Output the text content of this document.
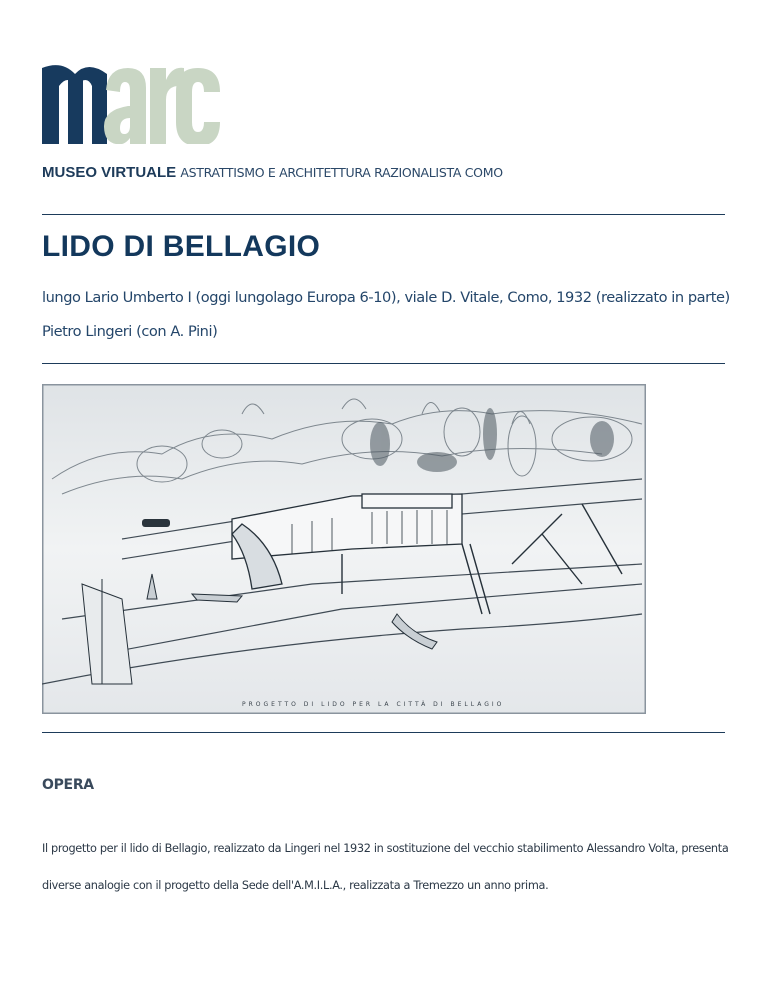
MUSEO VIRTUALE ASTRATTISMO E ARCHITETTURA RAZIONALISTA COMO
LIDO DI BELLAGIO

lungo Lario Umberto I (oggi lungolago Europa 6-10), viale D. Vitale, Como, 1932 (realizzato in parte)

Pietro Lingeri (con A. Pini)

PROGETTO DI LIDO PER LA CITTÀ DI BELLAGIO
OPERA

Il progetto per il lido di Bellagio, realizzato da Lingeri nel 1932 in sostituzione del vecchio stabilimento Alessandro Volta, presenta diverse analogie con il progetto della Sede dell'A.M.I.L.A., realizzata a Tremezzo un anno prima.
